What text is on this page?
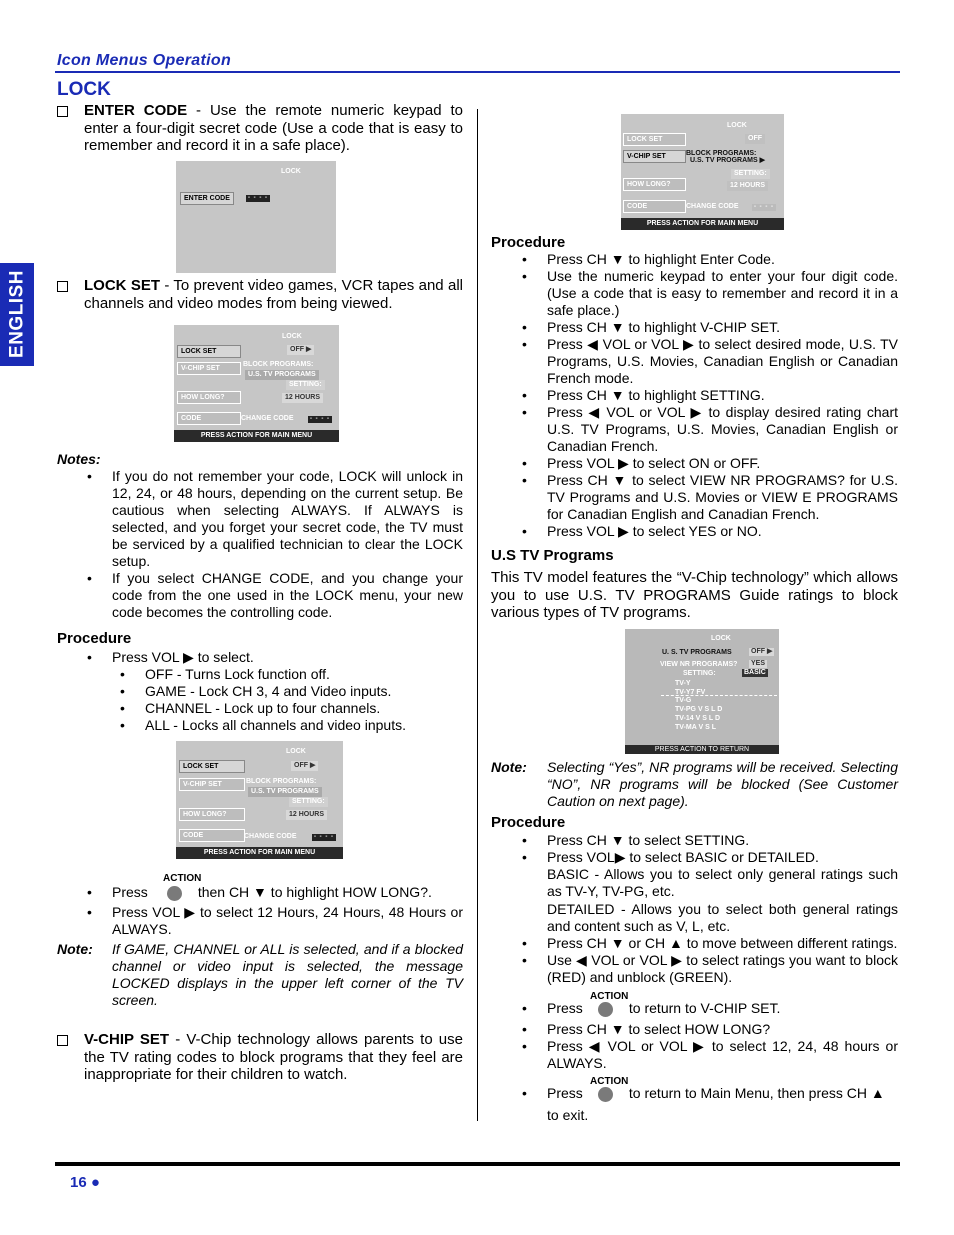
Icon Menus Operation
LOCK
ENGLISH
ENTER CODE - Use the remote numeric keypad to enter a four-digit secret code (Use a code that is easy to remember and record it in a safe place).
LOCK
ENTER CODE	- - - -
LOCK SET - To prevent video games, VCR tapes and all channels and video modes from being viewed.
LOCK
LOCK SET	OFF ▶
V-CHIP SET
BLOCK PROGRAMS:
U.S. TV PROGRAMS
SETTING:
HOW LONG?	12 HOURS
CODE	CHANGE CODE	- - - -
PRESS ACTION FOR MAIN MENU
Notes:
• If you do not remember your code, LOCK will unlock in 12, 24, or 48 hours, depending on the current setup. Be cautious when selecting ALWAYS. If ALWAYS is selected, and you forget your secret code, the TV must be serviced by a qualified technician to clear the LOCK setup.
• If you select CHANGE CODE, and you change your code from the one used in the LOCK menu, your new code becomes the controlling code.
Procedure
• Press VOL ▶ to select.
• OFF - Turns Lock function off.
• GAME - Lock CH 3, 4 and Video inputs.
• CHANNEL - Lock up to four channels.
• ALL - Locks all channels and video inputs.
LOCK
LOCK SET	OFF ▶
V-CHIP SET	BLOCK PROGRAMS:
U.S. TV PROGRAMS
SETTING:
HOW LONG?	12 HOURS
CODE	CHANGE CODE	- - - -
PRESS ACTION FOR MAIN MENU
ACTION
• Press	then CH ▼ to highlight HOW LONG?.
• Press VOL ▶ to select 12 Hours, 24 Hours, 48 Hours or ALWAYS.
Note: If GAME, CHANNEL or ALL is selected, and if a blocked channel or video input is selected, the message LOCKED displays in the upper left corner of the TV screen.
V-CHIP SET - V-Chip technology allows parents to use the TV rating codes to block programs that they feel are inappropriate for their children to watch.
LOCK
LOCK SET	OFF
V-CHIP SET	BLOCK PROGRAMS:
U.S. TV PROGRAMS ▶
SETTING:
HOW LONG?	12 HOURS
CODE	CHANGE CODE	- - - -
PRESS ACTION FOR MAIN MENU
Procedure
• Press CH ▼ to highlight Enter Code.
• Use the numeric keypad to enter your four digit code. (Use a code that is easy to remember and record it in a safe place.)
• Press CH ▼ to highlight V-CHIP SET.
• Press ◀ VOL or VOL ▶ to select desired mode, U.S. TV Programs, U.S. Movies, Canadian English or Canadian French mode.
• Press CH ▼ to highlight SETTING.
• Press ◀ VOL or VOL ▶ to display desired rating chart U.S. TV Programs, U.S. Movies, Canadian English or Canadian French.
• Press VOL ▶ to select ON or OFF.
• Press CH ▼ to select VIEW NR PROGRAMS? for U.S. TV Programs and U.S. Movies or VIEW E PROGRAMS for Canadian English and Canadian French.
• Press VOL ▶ to select YES or NO.
U.S TV Programs
This TV model features the “V-Chip technology” which allows you to use U.S. TV PROGRAMS Guide ratings to block various types of TV programs.
LOCK
U. S. TV PROGRAMS	OFF ▶
VIEW NR PROGRAMS? YES
SETTING:	BASIC
TV-Y
TV-Y7 FV
TV-G
TV-PG V S L D
TV-14 V S L D
TV-MA V S L
PRESS ACTION TO RETURN
Note: Selecting “Yes”, NR programs will be received. Selecting “NO”, NR programs will be blocked (See Customer Caution on next page).
Procedure
• Press CH ▼ to select SETTING.
• Press VOL▶ to select BASIC or DETAILED.
BASIC - Allows you to select only general ratings such as TV-Y, TV-PG, etc.
DETAILED - Allows you to select both general ratings and content such as V, L, etc.
• Press CH ▼ or CH ▲ to move between different ratings.
• Use ◀ VOL or VOL ▶ to select ratings you want to block (RED) and unblock (GREEN).
ACTION
• Press	to return to V-CHIP SET.
• Press CH ▼ to select HOW LONG?
• Press ◀ VOL or VOL ▶ to select 12, 24, 48 hours or ALWAYS.
ACTION
• Press	to return to Main Menu, then press CH ▲
to exit.
16 ●
